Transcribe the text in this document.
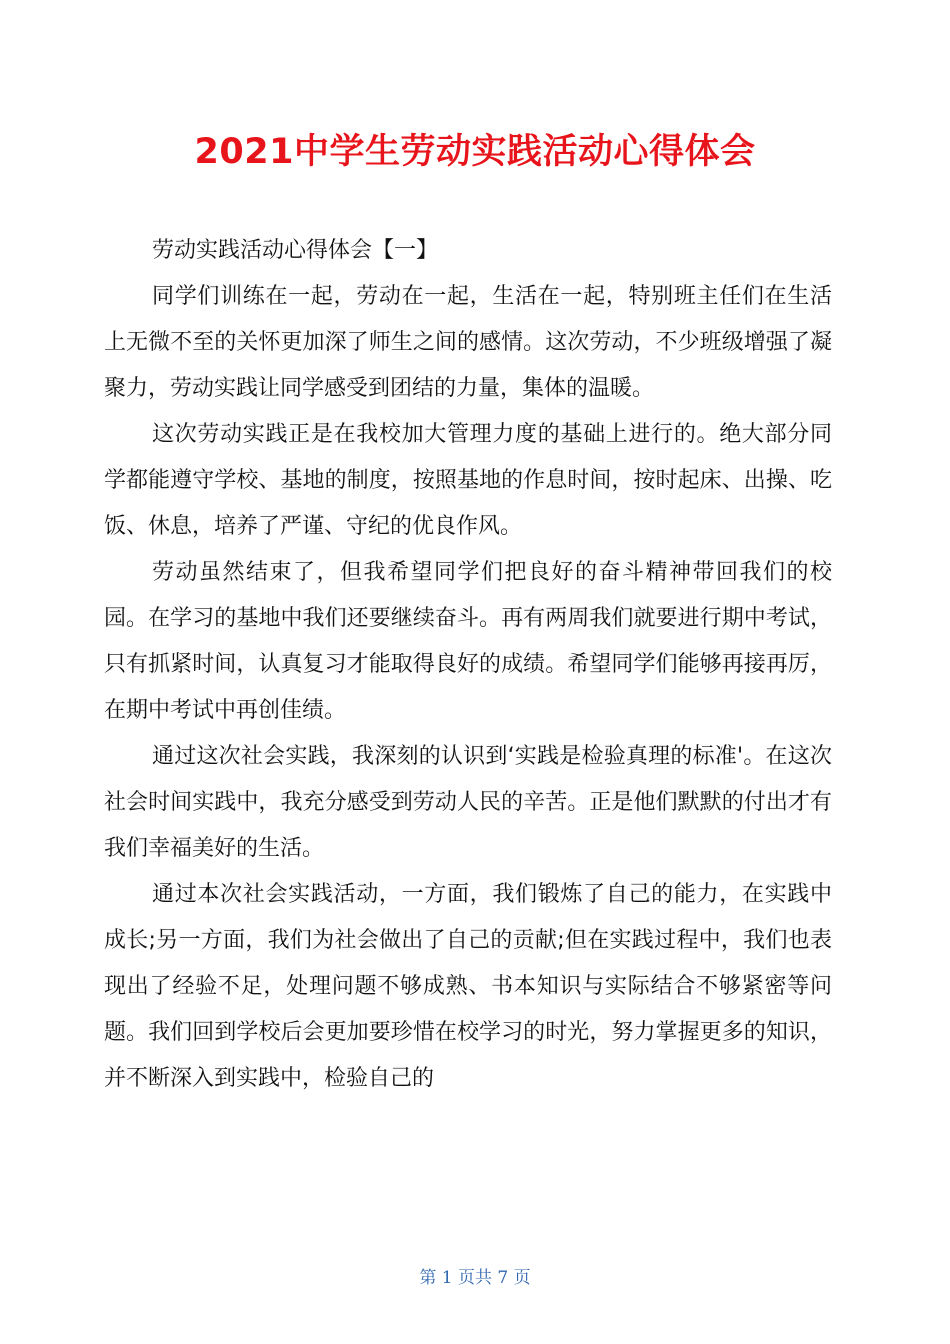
2021中学生劳动实践活动心得体会

劳动实践活动心得体会【一】

同学们训练在一起，劳动在一起，生活在一起，特别班主任们在生活上无微不至的关怀更加深了师生之间的感情。这次劳动，不少班级增强了凝聚力，劳动实践让同学感受到团结的力量，集体的温暖。

这次劳动实践正是在我校加大管理力度的基础上进行的。绝大部分同学都能遵守学校、基地的制度，按照基地的作息时间，按时起床、出操、吃饭、休息，培养了严谨、守纪的优良作风。

劳动虽然结束了，但我希望同学们把良好的奋斗精神带回我们的校园。在学习的基地中我们还要继续奋斗。再有两周我们就要进行期中考试，只有抓紧时间，认真复习才能取得良好的成绩。希望同学们能够再接再厉，在期中考试中再创佳绩。

通过这次社会实践，我深刻的认识到‘实践是检验真理的标准'。在这次社会时间实践中，我充分感受到劳动人民的辛苦。正是他们默默的付出才有我们幸福美好的生活。

通过本次社会实践活动，一方面，我们锻炼了自己的能力，在实践中成长;另一方面，我们为社会做出了自己的贡献;但在实践过程中，我们也表现出了经验不足，处理问题不够成熟、书本知识与实际结合不够紧密等问题。我们回到学校后会更加要珍惜在校学习的时光，努力掌握更多的知识，并不断深入到实践中，检验自己的

第 1 页共 7 页
